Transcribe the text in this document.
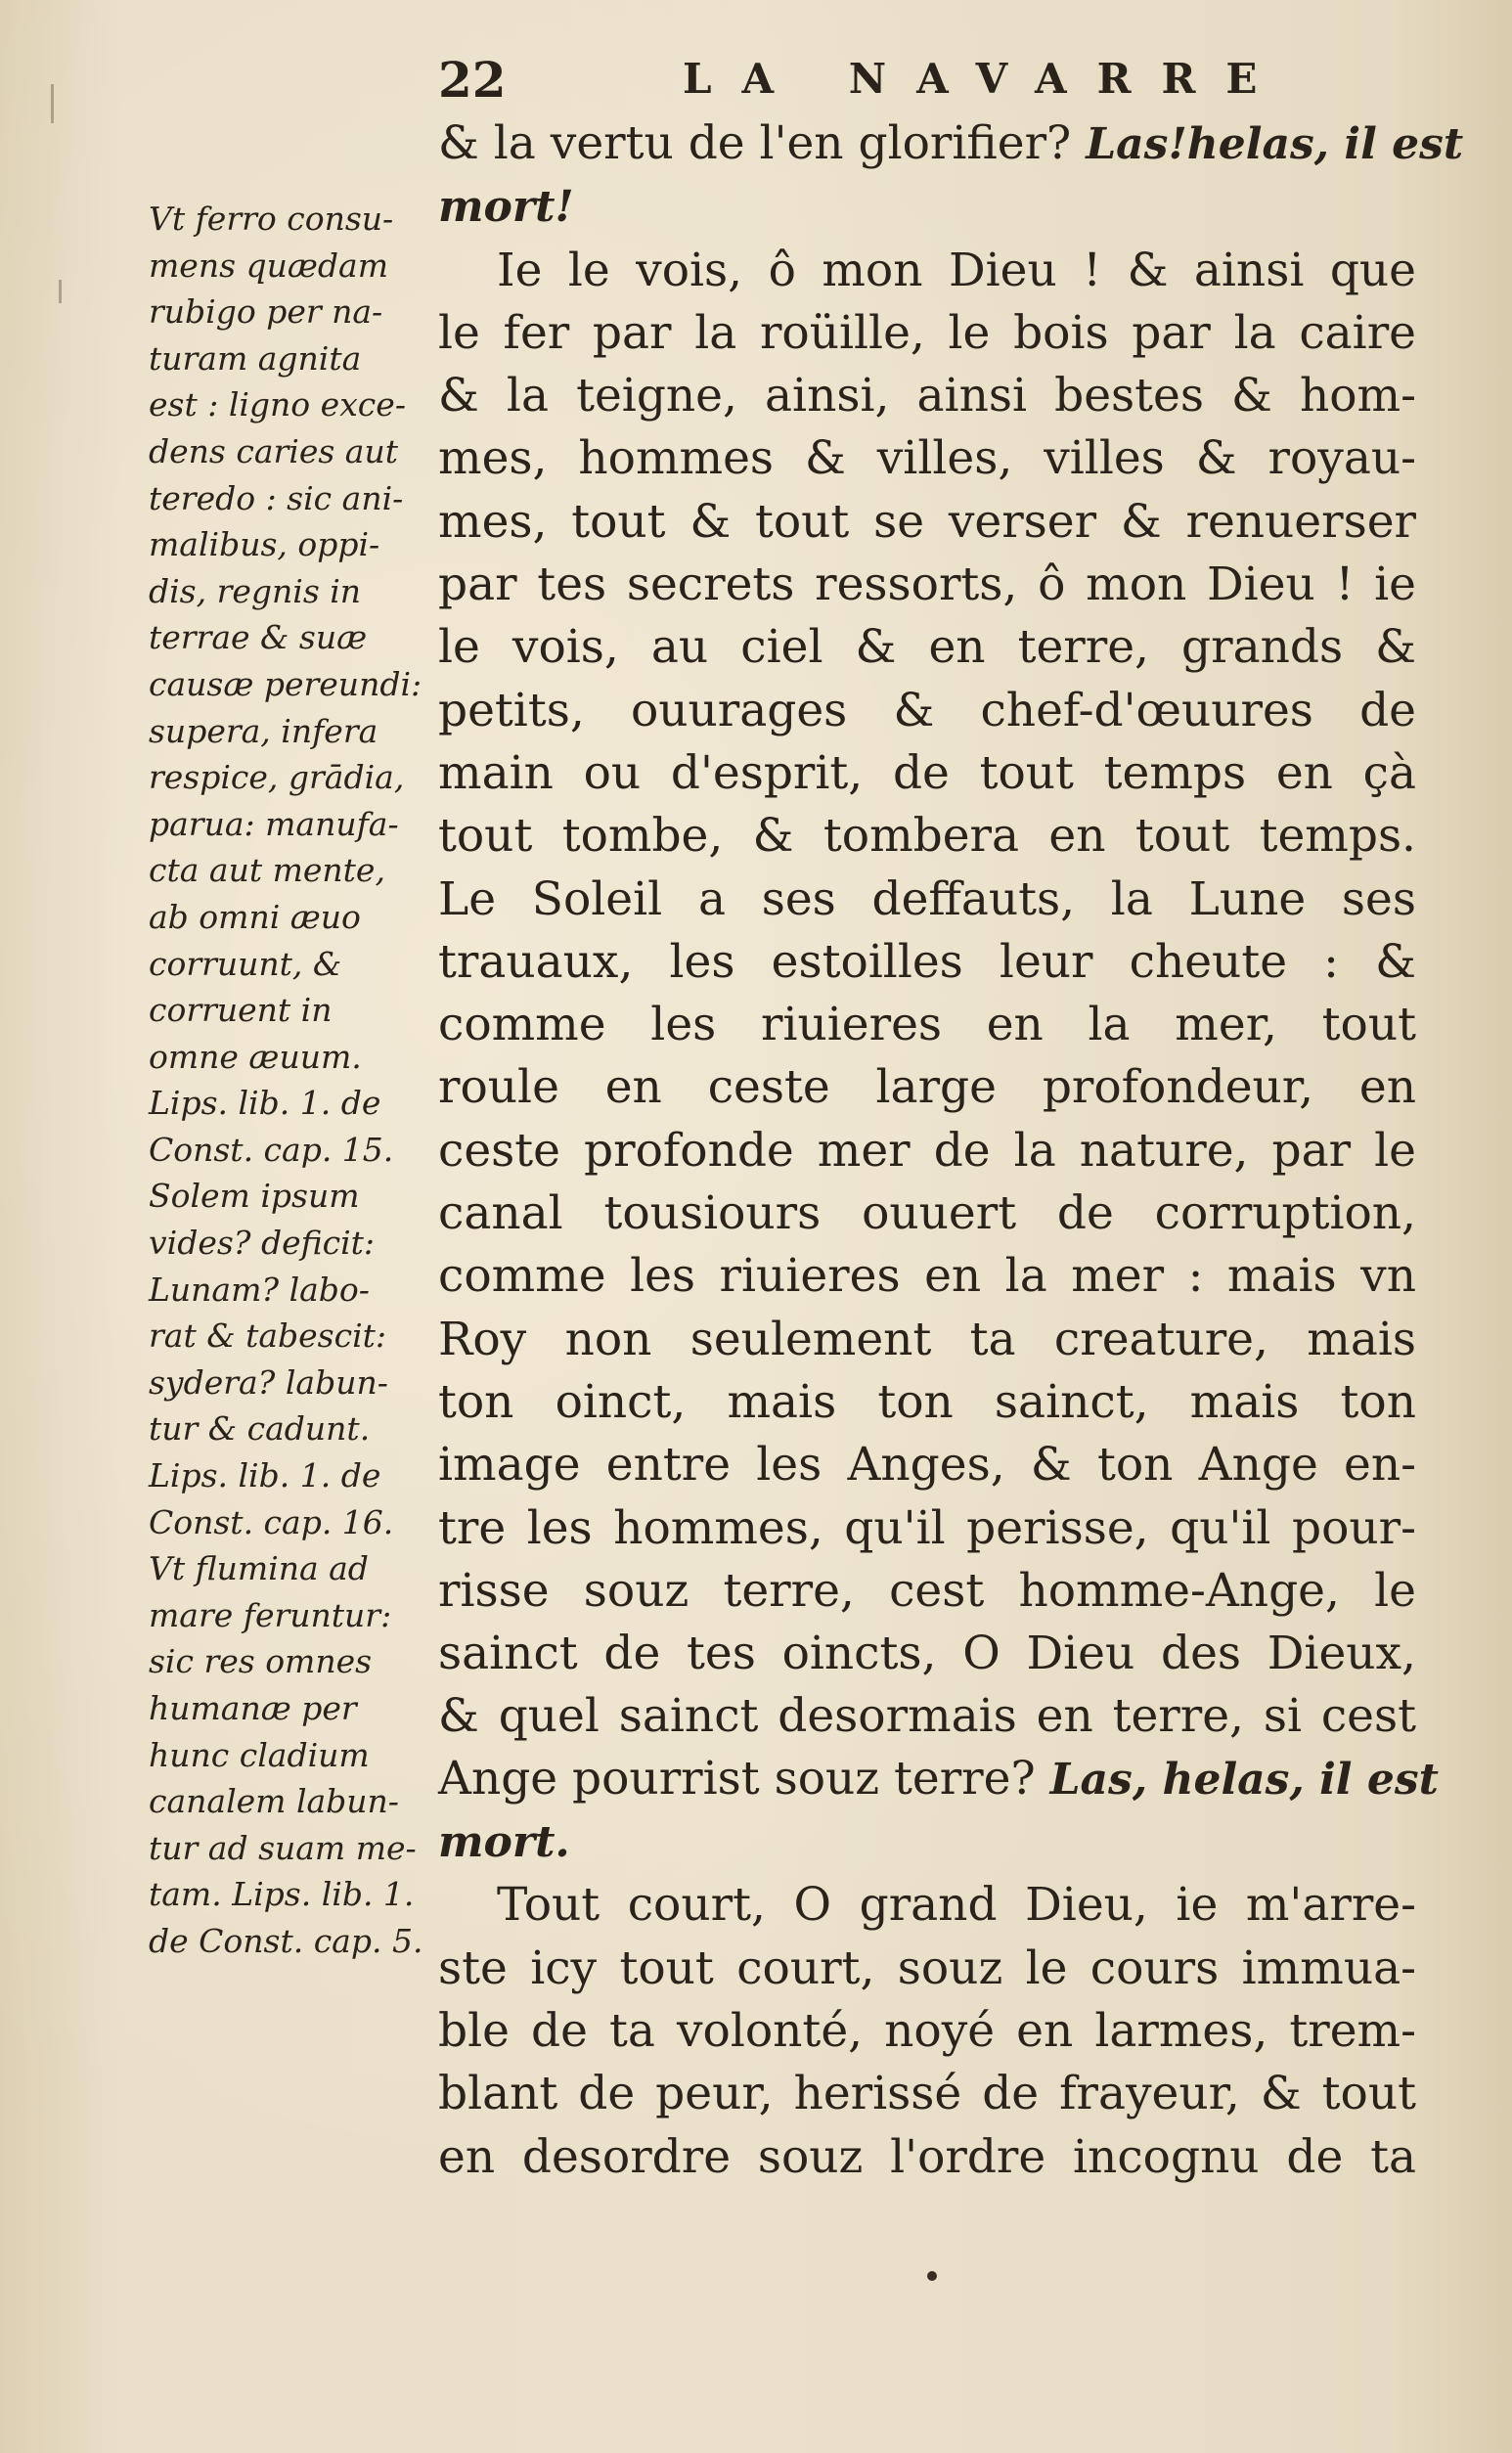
22	LA NAVARRE
Vt ferro consu-
mens quædam
rubigo per na-
turam agnita
est : ligno exce-
dens caries aut
teredo : sic ani-
malibus, oppi-
dis, regnis in
terrae & suæ
causæ pereundi:
supera, infera
respice, grādia,
parua: manufa-
cta aut mente,
ab omni æuo
corruunt, &
corruent in
omne æuum.
Lips. lib. 1. de
Const. cap. 15.
Solem ipsum
vides? deficit:
Lunam? labo-
rat & tabescit:
sydera? labun-
tur & cadunt.
Lips. lib. 1. de
Const. cap. 16.
Vt flumina ad
mare feruntur:
sic res omnes
humanæ per
hunc cladium
canalem labun-
tur ad suam me-
tam. Lips. lib. 1.
de Const. cap. 5.
& la vertu de l'en glorifier? Las!helas, il est
mort!
Ie le vois, ô mon Dieu ! & ainsi que
le fer par la roüille, le bois par la caire
& la teigne, ainsi, ainsi bestes & hom-
mes, hommes & villes, villes & royau-
mes, tout & tout se verser & renuerser
par tes secrets ressorts, ô mon Dieu ! ie
le vois, au ciel & en terre, grands &
petits, ouurages & chef-d'œuures de
main ou d'esprit, de tout temps en çà
tout tombe, & tombera en tout temps.
Le Soleil a ses deffauts, la Lune ses
trauaux, les estoilles leur cheute : &
comme les riuieres en la mer, tout
roule en ceste large profondeur, en
ceste profonde mer de la nature, par le
canal tousiours ouuert de corruption,
comme les riuieres en la mer : mais vn
Roy non seulement ta creature, mais
ton oinct, mais ton sainct, mais ton
image entre les Anges, & ton Ange en-
tre les hommes, qu'il perisse, qu'il pour-
risse souz terre, cest homme-Ange, le
sainct de tes oincts, O Dieu des Dieux,
& quel sainct desormais en terre, si cest
Ange pourrist souz terre? Las, helas, il est
mort.
Tout court, O grand Dieu, ie m'arre-
ste icy tout court, souz le cours immua-
ble de ta volonté, noyé en larmes, trem-
blant de peur, herissé de frayeur, & tout
en desordre souz l'ordre incognu de ta
